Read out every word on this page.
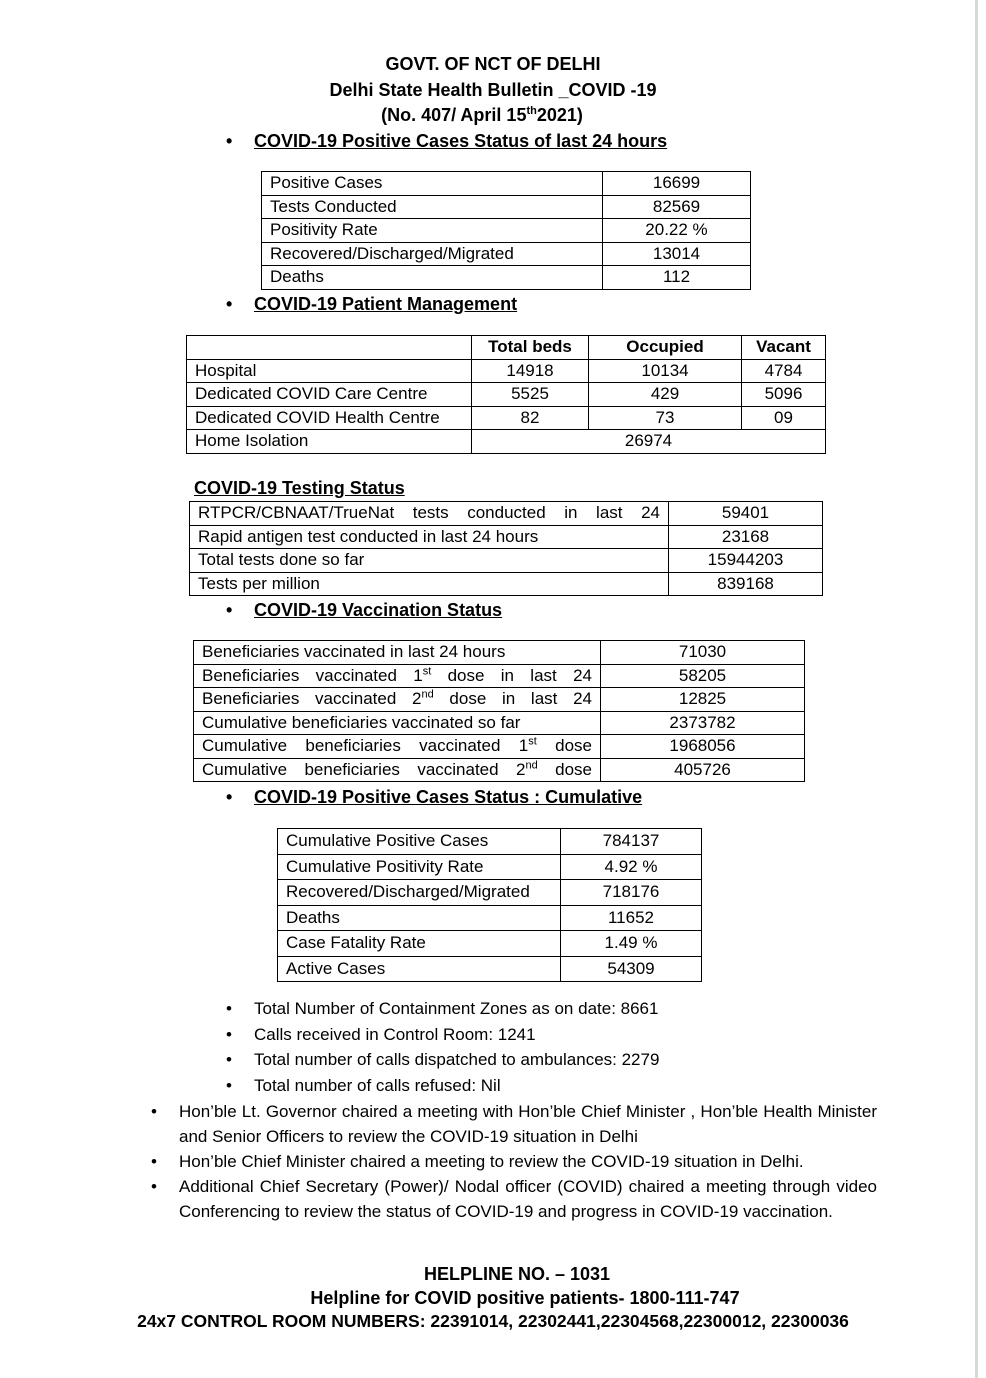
GOVT. OF NCT OF DELHI
Delhi State Health Bulletin _COVID -19
(No. 407/ April 15th2021)
• COVID-19 Positive Cases Status of last 24 hours
Positive Cases	16699
Tests Conducted	82569
Positivity Rate	20.22 %
Recovered/Discharged/Migrated	13014
Deaths	112
• COVID-19 Patient Management
	Total beds	Occupied	Vacant
Hospital	14918	10134	4784
Dedicated COVID Care Centre	5525	429	5096
Dedicated COVID Health Centre	82	73	09
Home Isolation	26974		
COVID-19 Testing Status
RTPCR/CBNAAT/TrueNat tests conducted in last 24	59401
Rapid antigen test conducted in last 24 hours	23168
Total tests done so far	15944203
Tests per million	839168
• COVID-19 Vaccination Status
Beneficiaries vaccinated in last 24 hours	71030
Beneficiaries vaccinated 1st dose in last 24	58205
Beneficiaries vaccinated 2nd dose in last 24	12825
Cumulative beneficiaries vaccinated so far	2373782
Cumulative beneficiaries vaccinated 1st dose	1968056
Cumulative beneficiaries vaccinated 2nd dose	405726
• COVID-19 Positive Cases Status : Cumulative
Cumulative Positive Cases	784137
Cumulative Positivity Rate	4.92 %
Recovered/Discharged/Migrated	718176
Deaths	11652
Case Fatality Rate	1.49 %
Active Cases	54309
• Total Number of Containment Zones as on date: 8661
• Calls received in Control Room: 1241
• Total number of calls dispatched to ambulances: 2279
• Total number of calls refused: Nil
• Hon’ble Lt. Governor chaired a meeting with Hon’ble Chief Minister , Hon’ble Health Minister and Senior Officers to review the COVID-19 situation in Delhi
• Hon’ble Chief Minister chaired a meeting to review the COVID-19 situation in Delhi.
• Additional Chief Secretary (Power)/ Nodal officer (COVID) chaired a meeting through video Conferencing to review the status of COVID-19 and progress in COVID-19 vaccination.
HELPLINE NO. – 1031
Helpline for COVID positive patients- 1800-111-747
24x7 CONTROL ROOM NUMBERS: 22391014, 22302441,22304568,22300012, 22300036
